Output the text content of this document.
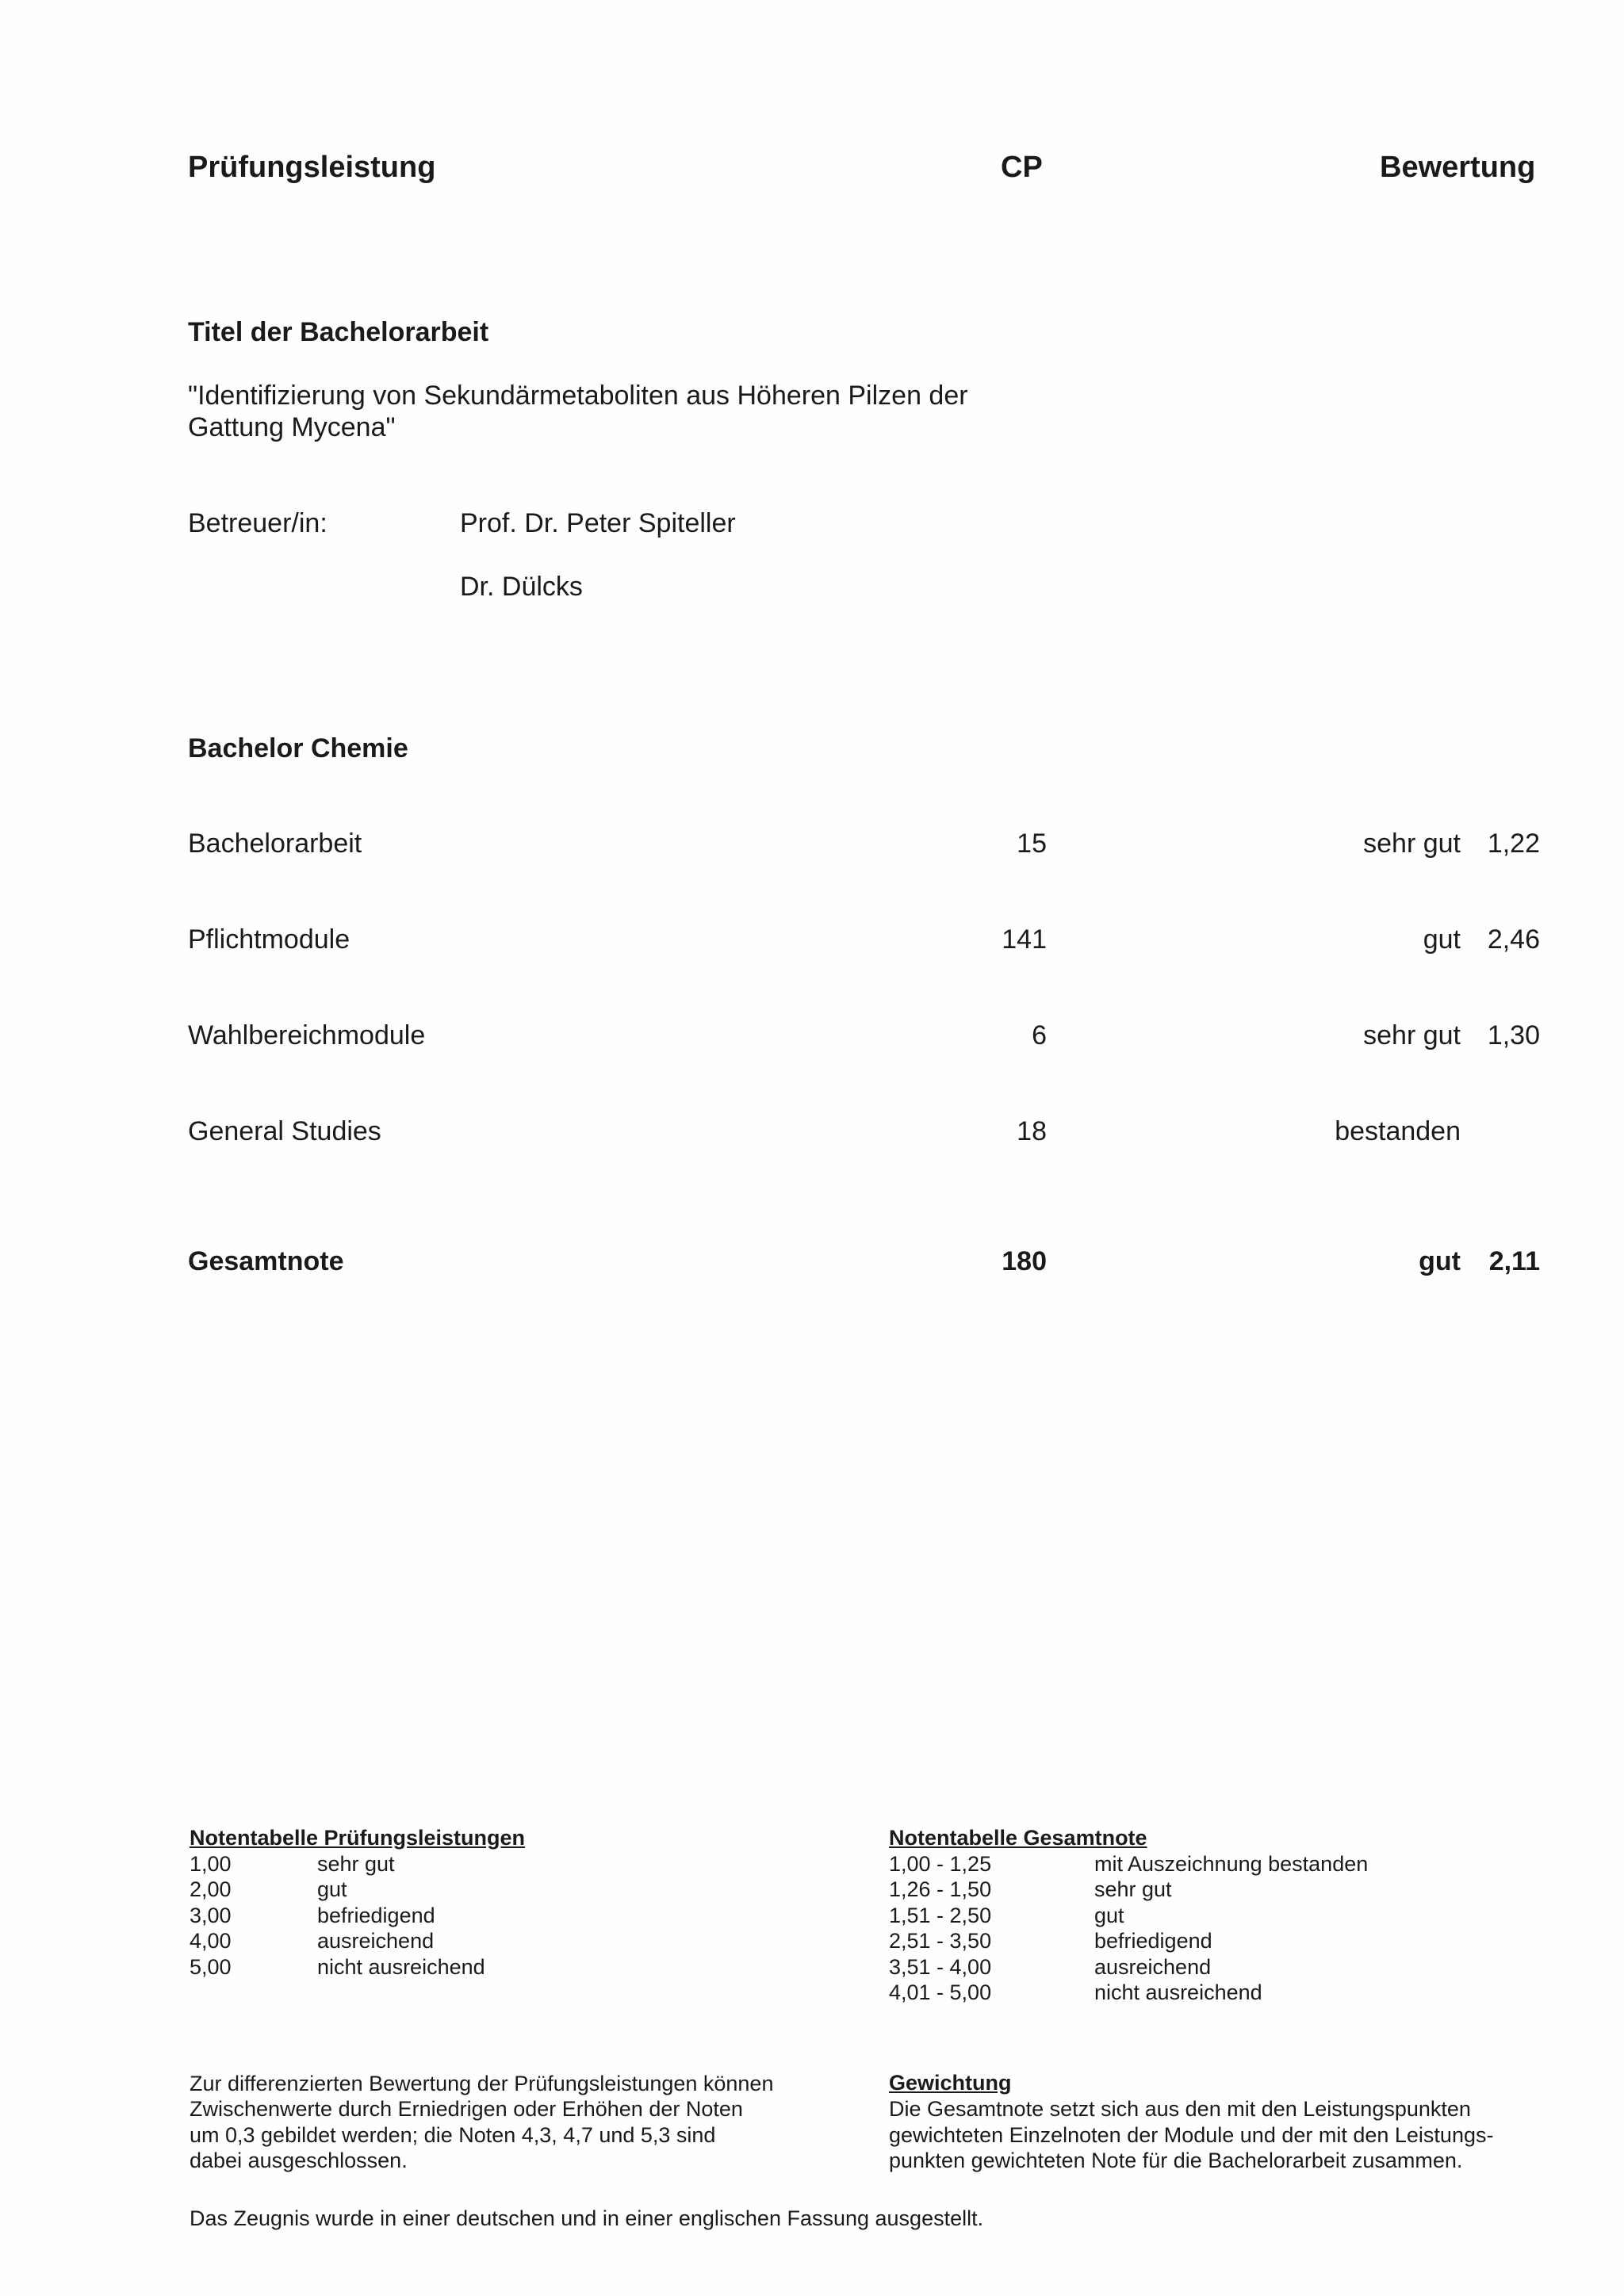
Prüfungsleistung	CP	Bewertung
Titel der Bachelorarbeit
"Identifizierung von Sekundärmetaboliten aus Höheren Pilzen der
Gattung Mycena"
Betreuer/in:	Prof. Dr. Peter Spiteller
Dr. Dülcks
Bachelor Chemie
Bachelorarbeit	15	sehr gut 1,22
Pflichtmodule	141	gut 2,46
Wahlbereichmodule	6	sehr gut 1,30
General Studies	18	bestanden
Gesamtnote	180	gut	2,11
Notentabelle Prüfungsleistungen
1,00	sehr gut
2,00	gut
3,00	befriedigend
4,00	ausreichend
5,00	nicht ausreichend
Notentabelle Gesamtnote
1,00 - 1,25	mit Auszeichnung bestanden
1,26 - 1,50	sehr gut
1,51 - 2,50	gut
2,51 - 3,50	befriedigend
3,51 - 4,00	ausreichend
4,01 - 5,00	nicht ausreichend
Zur differenzierten Bewertung der Prüfungsleistungen können
Zwischenwerte durch Erniedrigen oder Erhöhen der Noten
um 0,3 gebildet werden; die Noten 4,3, 4,7 und 5,3 sind
dabei ausgeschlossen.
Gewichtung
Die Gesamtnote setzt sich aus den mit den Leistungspunkten
gewichteten Einzelnoten der Module und der mit den Leistungs-
punkten gewichteten Note für die Bachelorarbeit zusammen.
Das Zeugnis wurde in einer deutschen und in einer englischen Fassung ausgestellt.
